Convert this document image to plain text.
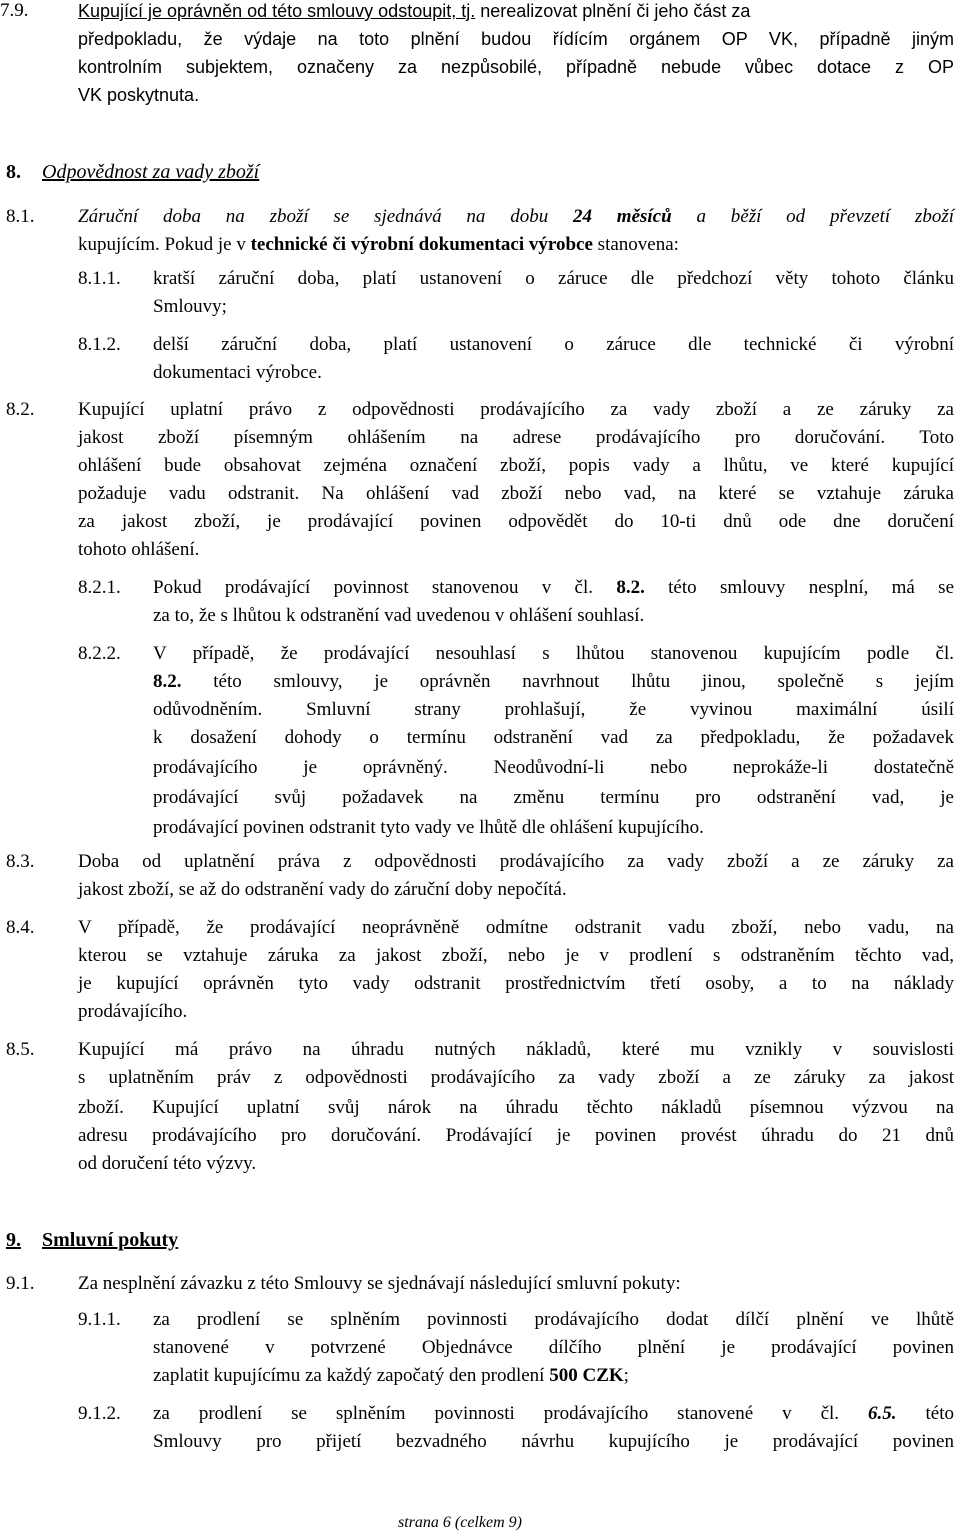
7.9.	Kupující je oprávněn od této smlouvy odstoupit, tj. nerealizovat plnění či jeho část za
předpokladu, že výdaje na toto plnění budou řídícím orgánem OP VK, případně jiným
kontrolním subjektem, označeny za nezpůsobilé, případně nebude vůbec dotace z OP
VK poskytnuta.
8. Odpovědnost za vady zboží
8.1. Záruční doba na zboží se sjednává na dobu 24 měsíců a běží od převzetí zboží
kupujícím. Pokud je v technické či výrobní dokumentaci výrobce stanovena:
8.1.1. kratší záruční doba, platí ustanovení o záruce dle předchozí věty tohoto článku
Smlouvy;
8.1.2. delší záruční doba, platí ustanovení o záruce dle technické či výrobní
dokumentaci výrobce.
8.2. Kupující uplatní právo z odpovědnosti prodávajícího za vady zboží a ze záruky za
jakost zboží písemným ohlášením na adrese prodávajícího pro doručování. Toto
ohlášení bude obsahovat zejména označení zboží, popis vady a lhůtu, ve které kupující
požaduje vadu odstranit. Na ohlášení vad zboží nebo vad, na které se vztahuje záruka
za jakost zboží, je prodávající povinen odpovědět do 10-ti dnů ode dne doručení
tohoto ohlášení.
8.2.1. Pokud prodávající povinnost stanovenou v čl. 8.2. této smlouvy nesplní, má se
za to, že s lhůtou k odstranění vad uvedenou v ohlášení souhlasí.
8.2.2. V případě, že prodávající nesouhlasí s lhůtou stanovenou kupujícím podle čl.
8.2. této smlouvy, je oprávněn navrhnout lhůtu jinou, společně s jejím
odůvodněním. Smluvní strany prohlašují, že vyvinou maximální úsilí
k dosažení dohody o termínu odstranění vad za předpokladu, že požadavek
prodávajícího je oprávněný. Neodůvodní-li nebo neprokáže-li dostatečně
prodávající svůj požadavek na změnu termínu pro odstranění vad, je
prodávající povinen odstranit tyto vady ve lhůtě dle ohlášení kupujícího.
8.3. Doba od uplatnění práva z odpovědnosti prodávajícího za vady zboží a ze záruky za
jakost zboží, se až do odstranění vady do záruční doby nepočítá.
8.4. V případě, že prodávající neoprávněně odmítne odstranit vadu zboží, nebo vadu, na
kterou se vztahuje záruka za jakost zboží, nebo je v prodlení s odstraněním těchto vad,
je kupující oprávněn tyto vady odstranit prostřednictvím třetí osoby, a to na náklady
prodávajícího.
8.5. Kupující má právo na úhradu nutných nákladů, které mu vznikly v souvislosti
s uplatněním práv z odpovědnosti prodávajícího za vady zboží a ze záruky za jakost
zboží. Kupující uplatní svůj nárok na úhradu těchto nákladů písemnou výzvou na
adresu prodávajícího pro doručování. Prodávající je povinen provést úhradu do 21 dnů
od doručení této výzvy.
9. Smluvní pokuty
9.1. Za nesplnění závazku z této Smlouvy se sjednávají následující smluvní pokuty:
9.1.1. za prodlení se splněním povinnosti prodávajícího dodat dílčí plnění ve lhůtě
stanovené v potvrzené Objednávce dílčího plnění je prodávající povinen
zaplatit kupujícímu za každý započatý den prodlení 500 CZK;
9.1.2. za prodlení se splněním povinnosti prodávajícího stanovené v čl. 6.5. této
Smlouvy pro přijetí bezvadného návrhu kupujícího je prodávající povinen
strana 6 (celkem 9)
